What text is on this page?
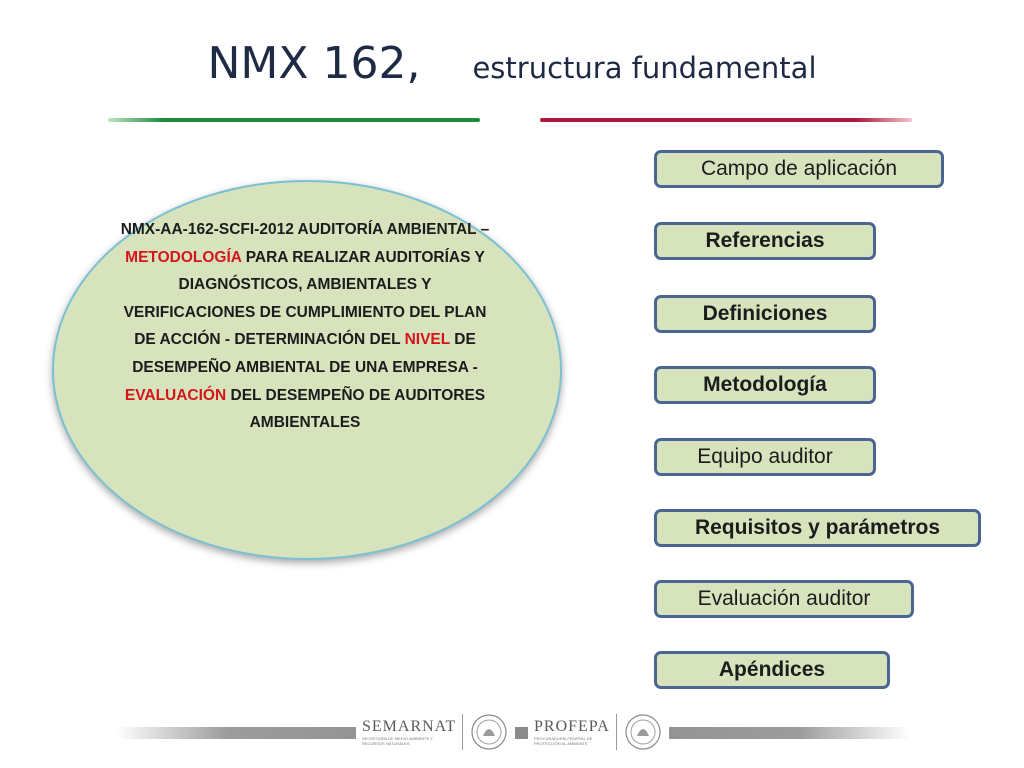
NMX 162, estructura fundamental
NMX-AA-162-SCFI-2012 AUDITORÍA AMBIENTAL – METODOLOGÍA PARA REALIZAR AUDITORÍAS Y DIAGNÓSTICOS, AMBIENTALES Y VERIFICACIONES DE CUMPLIMIENTO DEL PLAN DE ACCIÓN - DETERMINACIÓN DEL NIVEL DE DESEMPEÑO AMBIENTAL DE UNA EMPRESA - EVALUACIÓN DEL DESEMPEÑO DE AUDITORES AMBIENTALES
Campo de aplicación
Referencias
Definiciones
Metodología
Equipo auditor
Requisitos y parámetros
Evaluación auditor
Apéndices
SEMARNAT
SECRETARÍA DE MEDIO AMBIENTE Y RECURSOS NATURALES
PROFEPA
PROCURADURÍA FEDERAL DE PROTECCIÓN AL AMBIENTE
